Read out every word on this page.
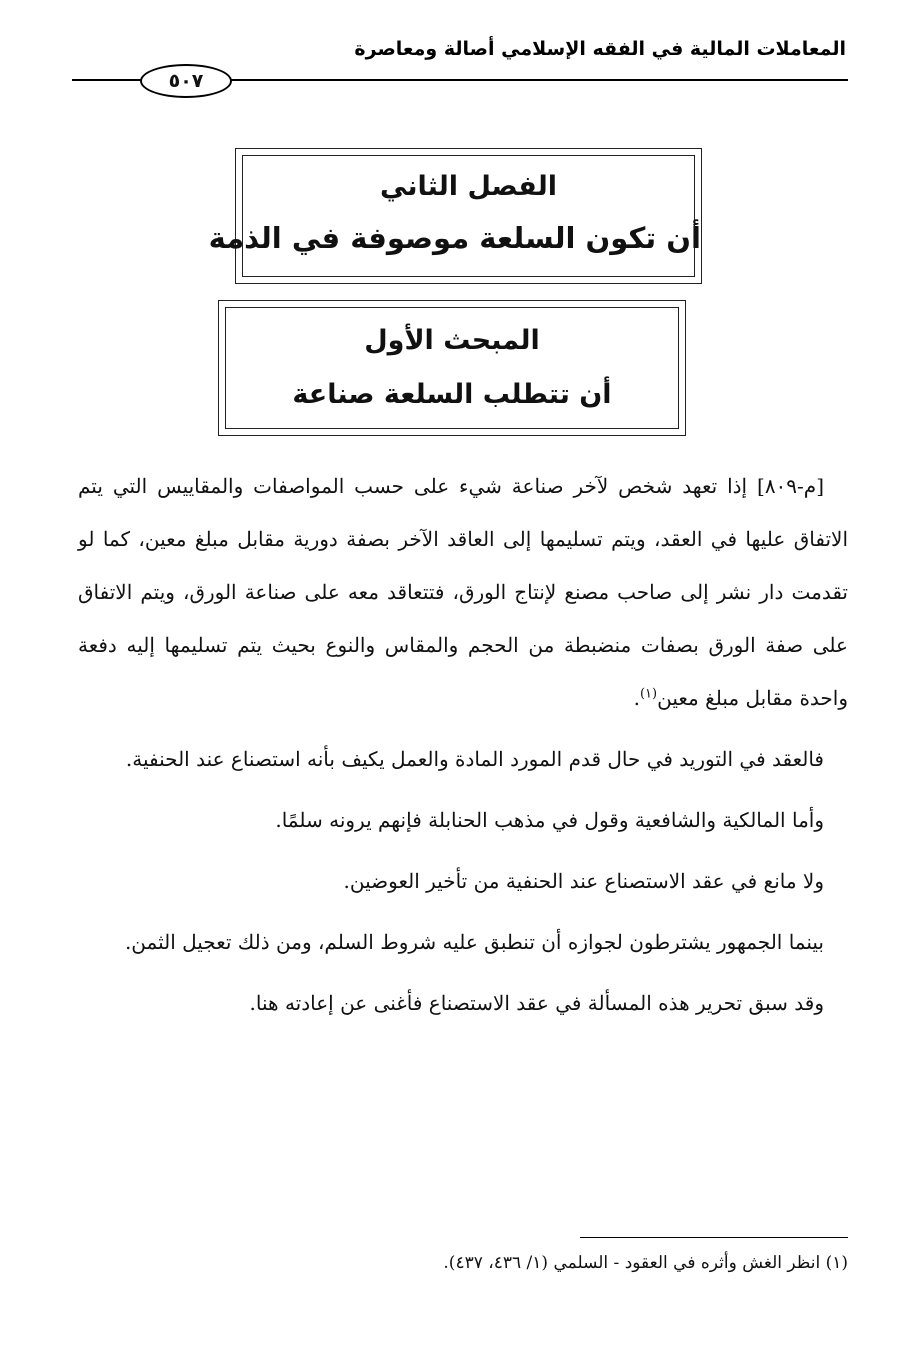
المعاملات المالية في الفقه الإسلامي أصالة ومعاصرة
٥٠٧
الفصل الثاني
أن تكون السلعة موصوفة في الذمة
المبحث الأول
أن تتطلب السلعة صناعة

[م-٨٠٩] إذا تعهد شخص لآخر صناعة شيء على حسب المواصفات والمقاييس التي يتم الاتفاق عليها في العقد، ويتم تسليمها إلى العاقد الآخر بصفة دورية مقابل مبلغ معين، كما لو تقدمت دار نشر إلى صاحب مصنع لإنتاج الورق، فتتعاقد معه على صناعة الورق، ويتم الاتفاق على صفة الورق بصفات منضبطة من الحجم والمقاس والنوع بحيث يتم تسليمها إليه دفعة واحدة مقابل مبلغ معين$^{(١)}$.

فالعقد في التوريد في حال قدم المورد المادة والعمل يكيف بأنه استصناع عند الحنفية.

وأما المالكية والشافعية وقول في مذهب الحنابلة فإنهم يرونه سلمًا.

ولا مانع في عقد الاستصناع عند الحنفية من تأخير العوضين.

بينما الجمهور يشترطون لجوازه أن تنطبق عليه شروط السلم، ومن ذلك تعجيل الثمن.

وقد سبق تحرير هذه المسألة في عقد الاستصناع فأغنى عن إعادته هنا.

(١) انظر الغش وأثره في العقود - السلمي (١/ ٤٣٦، ٤٣٧).
